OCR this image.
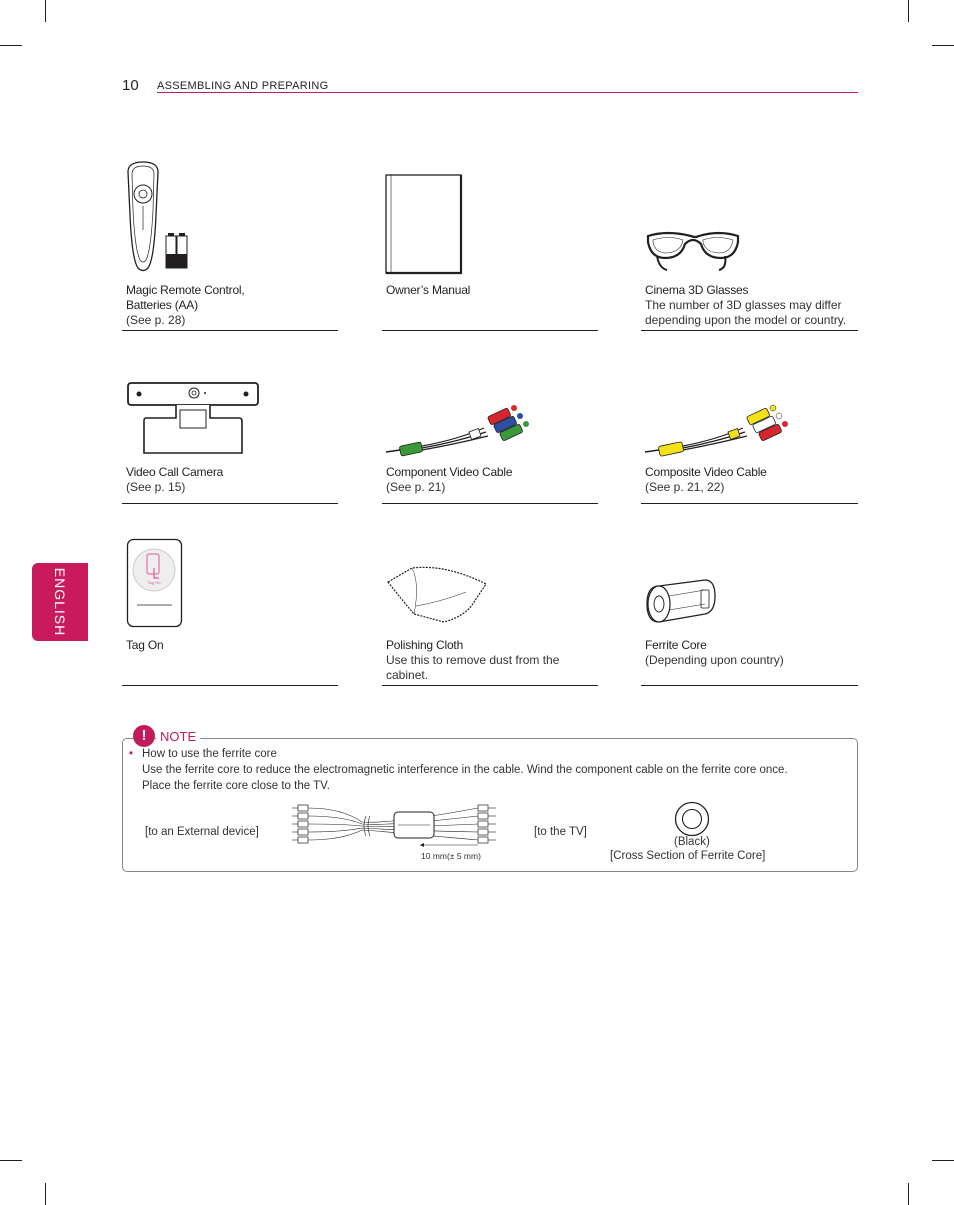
10 ASSEMBLING AND PREPARING
ENGLISH
Magic Remote Control,
Batteries (AA)
(See p. 28)
Owner’s Manual	Cinema 3D Glasses
The number of 3D glasses may differ depending upon the model or country.
Video Call Camera
(See p. 15)
Component Video Cable
(See p. 21)
Composite Video Cable
(See p. 21, 22)
Tag On
Tag On	Polishing Cloth
Use this to remove dust from the cabinet.
Ferrite Core
(Depending upon country)
!	NOTE
• How to use the ferrite core
Use the ferrite core to reduce the electromagnetic interference in the cable. Wind the component cable on the ferrite core once.
Place the ferrite core close to the TV.
[to an External device]	[to the TV]
10 mm(± 5 mm)
(Black)
[Cross Section of Ferrite Core]
